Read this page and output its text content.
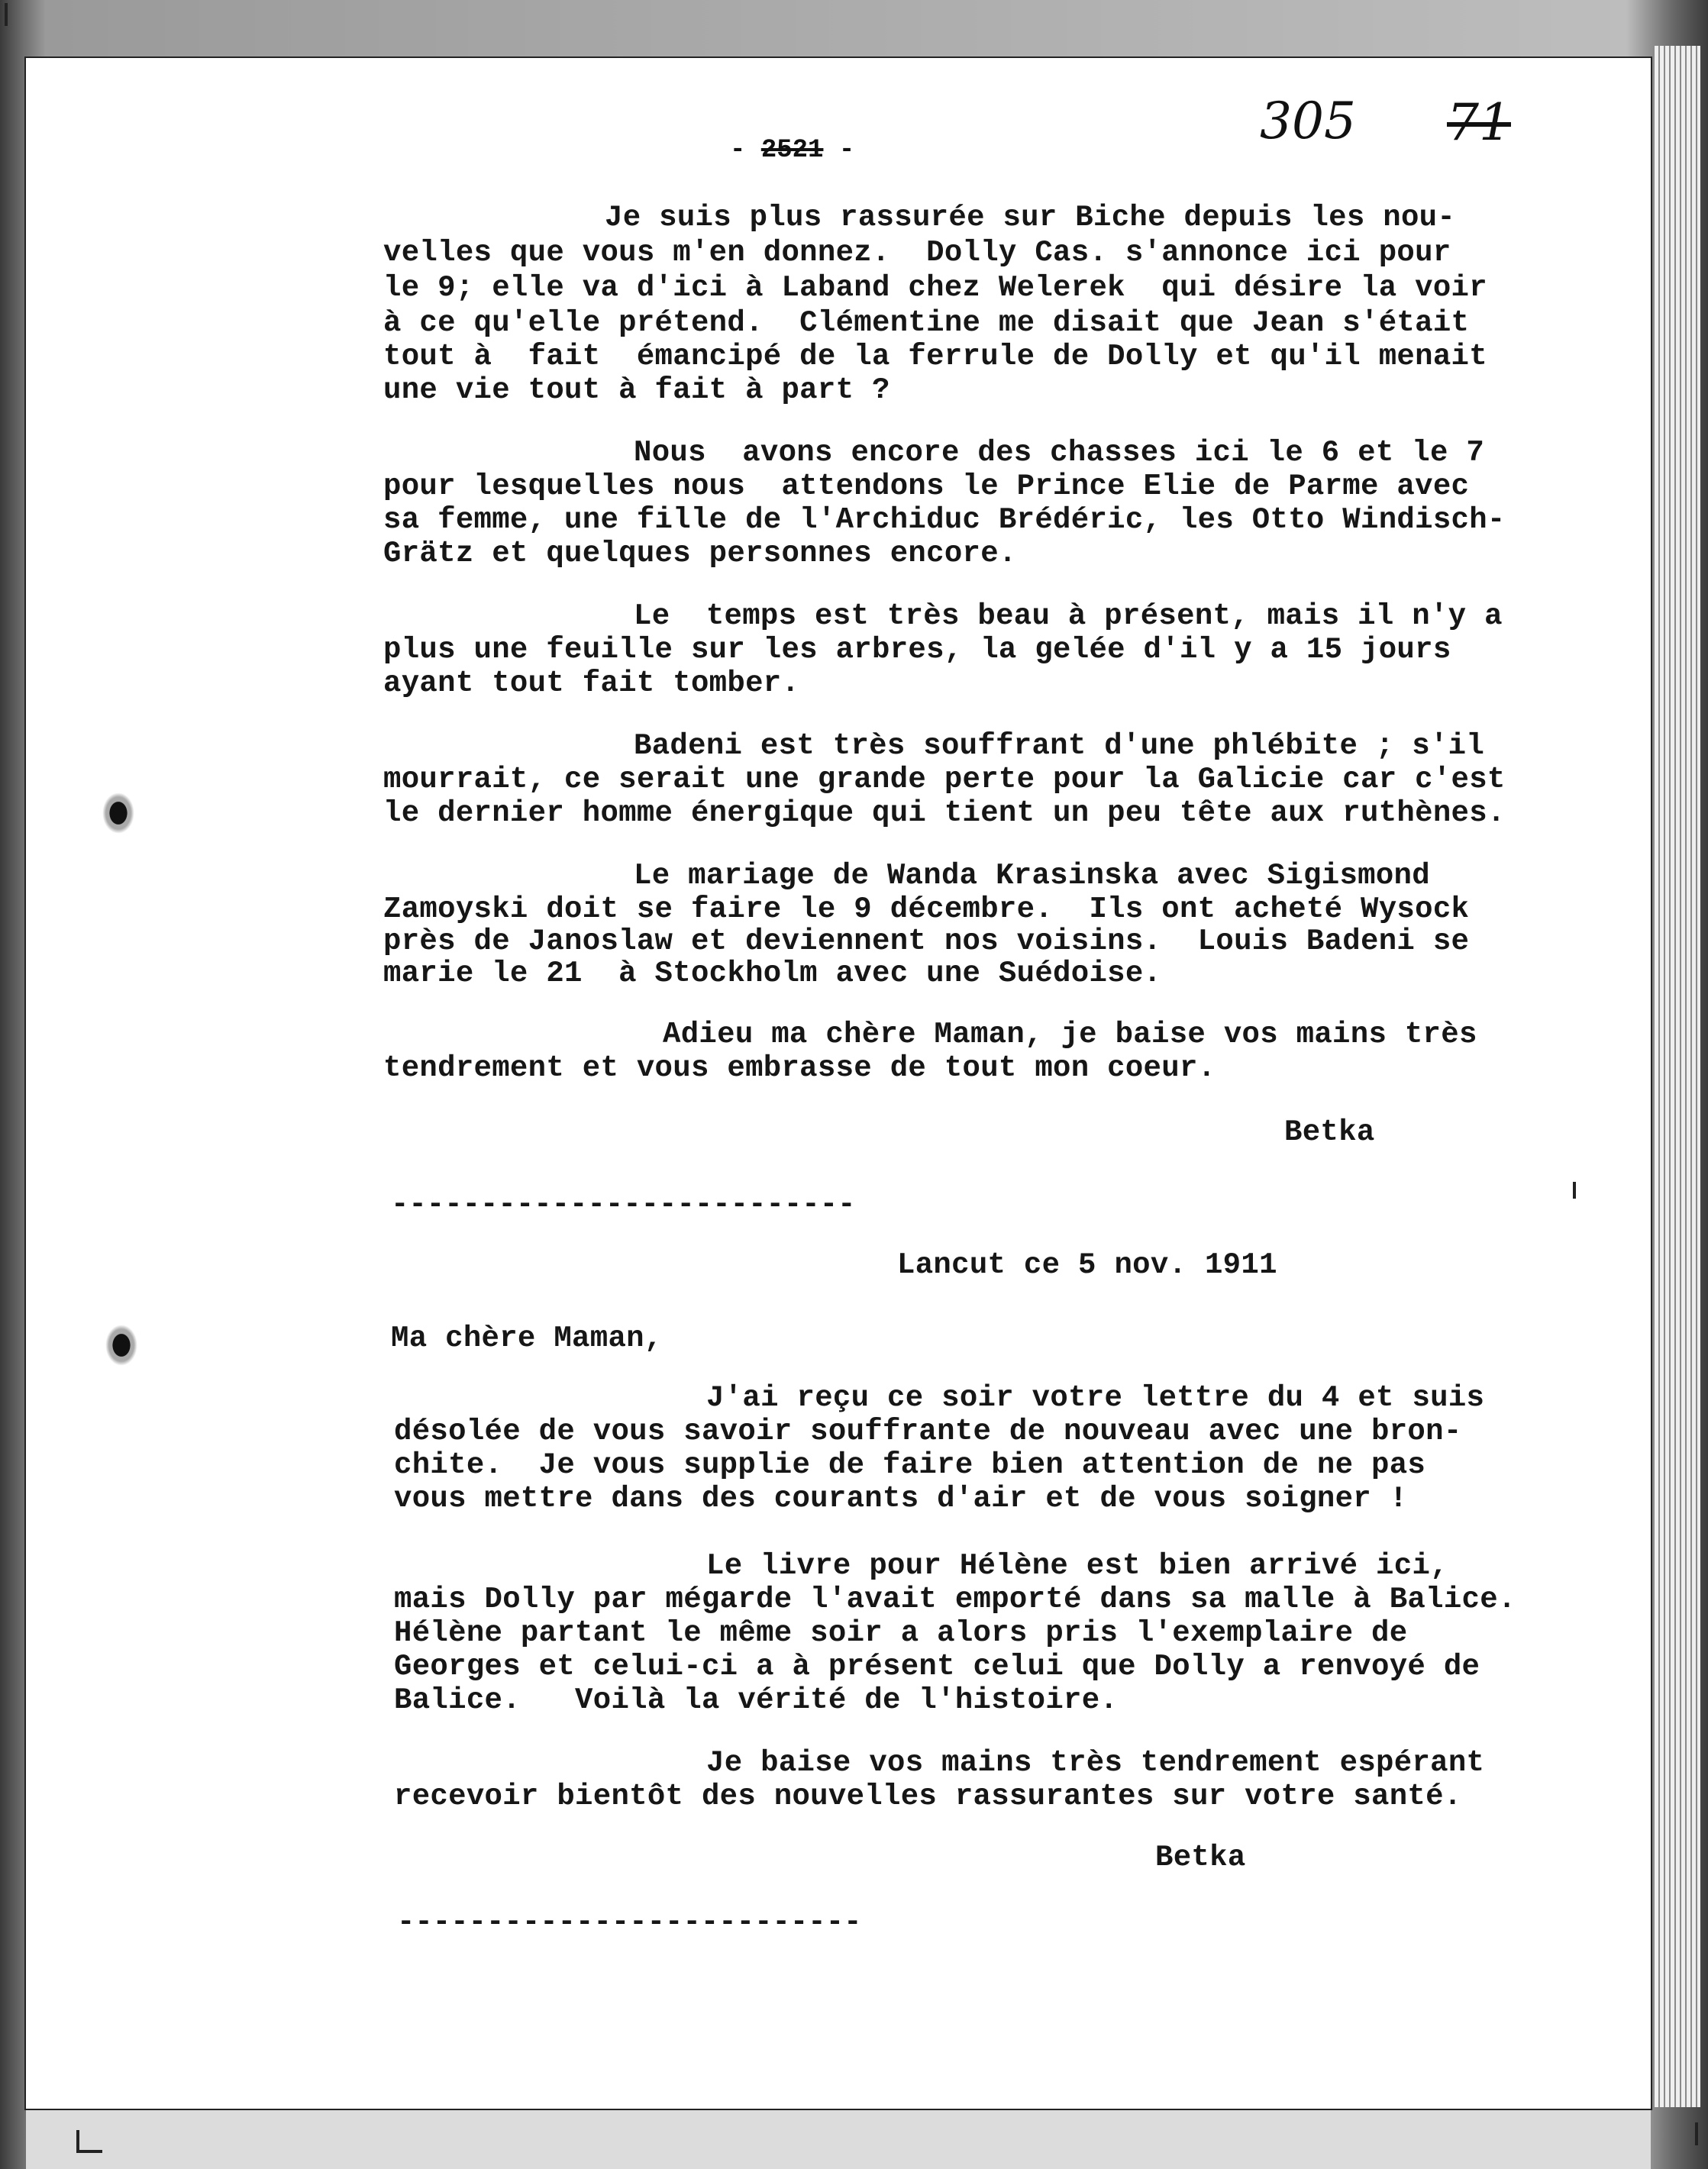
- 2521 -	305 71
Je suis plus rassurée sur Biche depuis les nou-
velles que vous m'en donnez.  Dolly Cas. s'annonce ici pour
le 9; elle va d'ici à Laband chez Welerek  qui désire la voir
à ce qu'elle prétend.  Clémentine me disait que Jean s'était
tout à  fait  émancipé de la ferrule de Dolly et qu'il menait
une vie tout à fait à part ?
Nous  avons encore des chasses ici le 6 et le 7
pour lesquelles nous  attendons le Prince Elie de Parme avec
sa femme, une fille de l'Archiduc Brédéric, les Otto Windisch-
Grätz et quelques personnes encore.
Le  temps est très beau à présent, mais il n'y a
plus une feuille sur les arbres, la gelée d'il y a 15 jours
ayant tout fait tomber.
Badeni est très souffrant d'une phlébite ; s'il
mourrait, ce serait une grande perte pour la Galicie car c'est
le dernier homme énergique qui tient un peu tête aux ruthènes.
Le mariage de Wanda Krasinska avec Sigismond
Zamoyski doit se faire le 9 décembre.  Ils ont acheté Wysock
près de Janoslaw et deviennent nos voisins.  Louis Badeni se
marie le 21  à Stockholm avec une Suédoise.
Adieu ma chère Maman, je baise vos mains très
tendrement et vous embrasse de tout mon coeur.
Betka
--------------------------
Lancut ce 5 nov. 1911
Ma chère Maman,
J'ai reçu ce soir votre lettre du 4 et suis
désolée de vous savoir souffrante de nouveau avec une bron-
chite.  Je vous supplie de faire bien attention de ne pas
vous mettre dans des courants d'air et de vous soigner !
Le livre pour Hélène est bien arrivé ici,
mais Dolly par mégarde l'avait emporté dans sa malle à Balice.
Hélène partant le même soir a alors pris l'exemplaire de
Georges et celui-ci a à présent celui que Dolly a renvoyé de
Balice.   Voilà la vérité de l'histoire.
Je baise vos mains très tendrement espérant
recevoir bientôt des nouvelles rassurantes sur votre santé.
Betka
--------------------------
